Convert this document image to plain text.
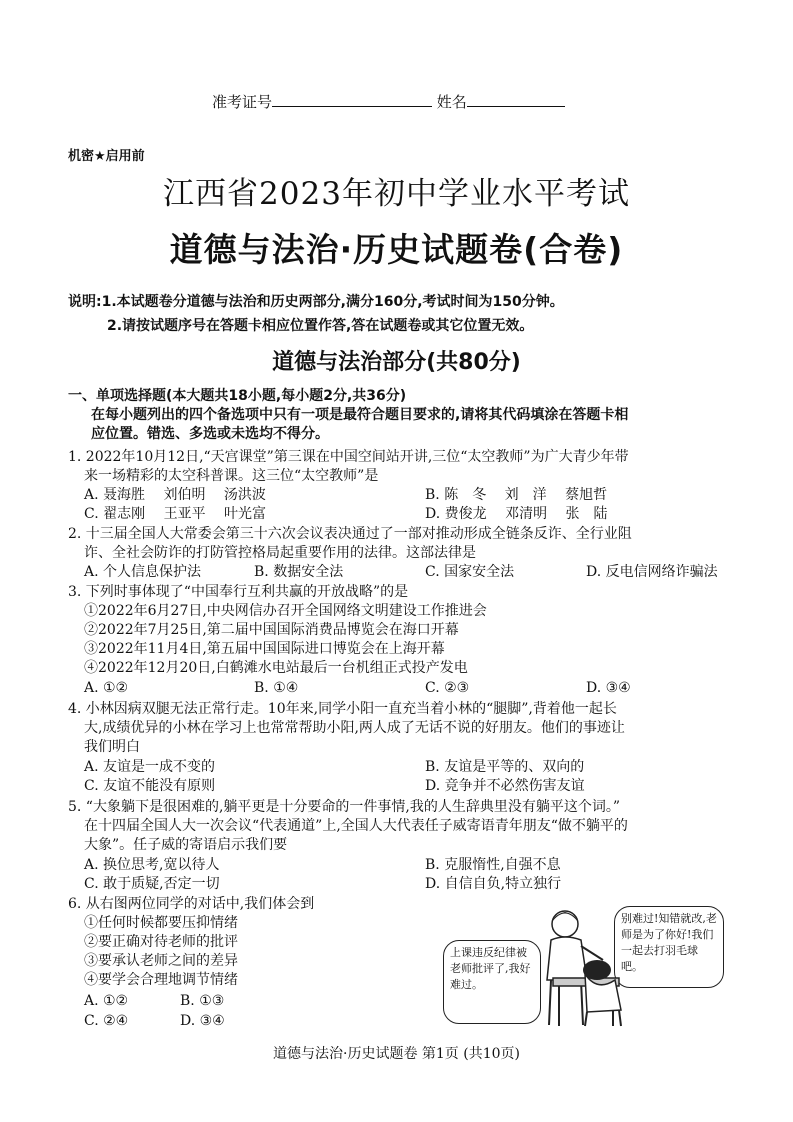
准考证号	姓名
机密★启用前
江西省2023年初中学业水平考试
道德与法治·历史试题卷(合卷)
说明:1.本试题卷分道德与法治和历史两部分,满分160分,考试时间为150分钟。
2.请按试题序号在答题卡相应位置作答,答在试题卷或其它位置无效。
道德与法治部分(共80分)
一、单项选择题(本大题共18小题,每小题2分,共36分)
在每小题列出的四个备选项中只有一项是最符合题目要求的,请将其代码填涂在答题卡相
应位置。错选、多选或未选均不得分。
1. 2022年10月12日,“天宫课堂”第三课在中国空间站开讲,三位“太空教师”为广大青少年带
来一场精彩的太空科普课。这三位“太空教师”是
A. 聂海胜　 刘伯明　 汤洪波	B. 陈　冬　 刘　洋　 蔡旭哲
C. 翟志刚　 王亚平　 叶光富	D. 费俊龙　 邓清明　 张　陆
2. 十三届全国人大常委会第三十六次会议表决通过了一部对推动形成全链条反诈、全行业阻
诈、全社会防诈的打防管控格局起重要作用的法律。这部法律是
A. 个人信息保护法	B. 数据安全法	C. 国家安全法	D. 反电信网络诈骗法
3. 下列时事体现了“中国奉行互利共赢的开放战略”的是
①2022年6月27日,中央网信办召开全国网络文明建设工作推进会
②2022年7月25日,第二届中国国际消费品博览会在海口开幕
③2022年11月4日,第五届中国国际进口博览会在上海开幕
④2022年12月20日,白鹤滩水电站最后一台机组正式投产发电
A. ①②	B. ①④	C. ②③	D. ③④
4. 小林因病双腿无法正常行走。10年来,同学小阳一直充当着小林的“腿脚”,背着他一起长
大,成绩优异的小林在学习上也常常帮助小阳,两人成了无话不说的好朋友。他们的事迹让
我们明白
A. 友谊是一成不变的	B. 友谊是平等的、双向的
C. 友谊不能没有原则	D. 竞争并不必然伤害友谊
5. “大象躺下是很困难的,躺平更是十分要命的一件事情,我的人生辞典里没有躺平这个词。”
在十四届全国人大一次会议“代表通道”上,全国人大代表任子威寄语青年朋友“做不躺平的
大象”。任子威的寄语启示我们要
A. 换位思考,宽以待人	B. 克服惰性,自强不息
C. 敢于质疑,否定一切	D. 自信自负,特立独行
6. 从右图两位同学的对话中,我们体会到
①任何时候都要压抑情绪
②要正确对待老师的批评
③要承认老师之间的差异
④要学会合理地调节情绪
A. ①②	B. ①③
C. ②④	D. ③④
上课违反纪律被老师批评了,我好难过。
别难过!知错就改,老师是为了你好!我们一起去打羽毛球吧。
道德与法治·历史试题卷 第1页 (共10页)
